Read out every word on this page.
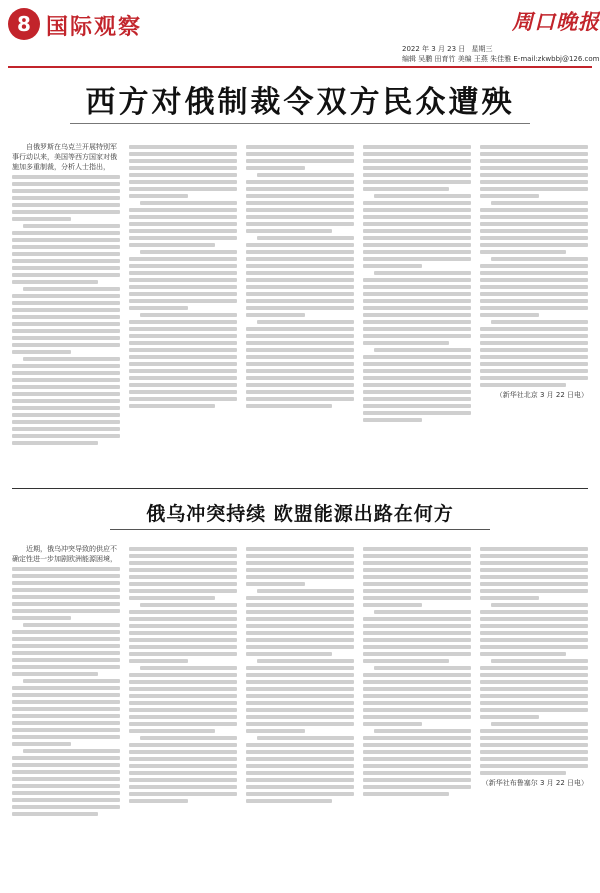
8 国际观察
2022 年 3 月 23 日 星期三
编辑 吴鹏 田育竹 美编 王燕 朱佳雅 E-mail:zkwbbj@126.com
周口晚报
西方对俄制裁令双方民众遭殃

自俄罗斯在乌克兰开展特别军事行动以来，美国等西方国家对俄施加多重制裁，分析人士指出，

（新华社北京 3 月 22 日电）
俄乌冲突持续 欧盟能源出路在何方

近期，俄乌冲突导致的供应不确定性进一步加剧欧洲能源困境，

（新华社布鲁塞尔 3 月 22 日电）
